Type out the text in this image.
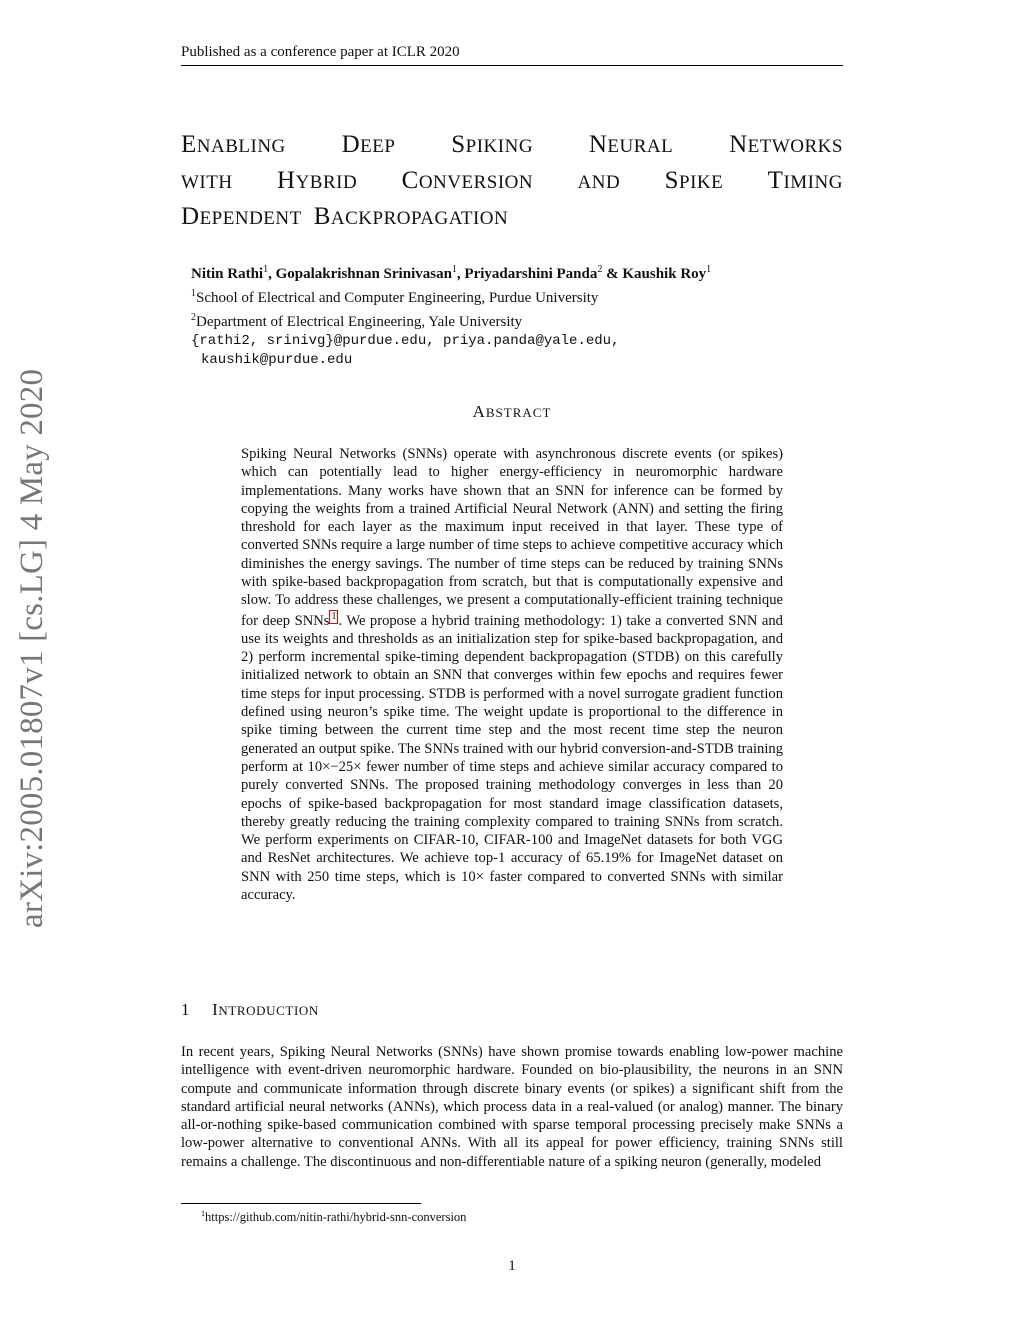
Published as a conference paper at ICLR 2020
ENABLING DEEP SPIKING NEURAL NETWORKS
WITH HYBRID CONVERSION AND SPIKE TIMING
DEPENDENT BACKPROPAGATION
Nitin Rathi$^1$, Gopalakrishnan Srinivasan$^1$, Priyadarshini Panda$^2$ & Kaushik Roy$^1$
$^1$School of Electrical and Computer Engineering, Purdue University
$^2$Department of Electrical Engineering, Yale University
{rathi2, srinivg}@purdue.edu, priya.panda@yale.edu,
kaushik@purdue.edu
arXiv:2005.01807v1 [cs.LG] 4 May 2020	ABSTRACT
Spiking Neural Networks (SNNs) operate with asynchronous discrete events (or spikes) which can potentially lead to higher energy-efficiency in neuromorphic hardware implementations. Many works have shown that an SNN for inference can be formed by copying the weights from a trained Artificial Neural Network (ANN) and setting the firing threshold for each layer as the maximum input received in that layer. These type of converted SNNs require a large number of time steps to achieve competitive accuracy which diminishes the energy savings. The number of time steps can be reduced by training SNNs with spike-based backpropagation from scratch, but that is computationally expensive and slow. To address these challenges, we present a computationally-efficient training technique for deep SNNs 1 . We propose a hybrid training methodology: 1) take a converted SNN and use its weights and thresholds as an initialization step for spike-based backpropagation, and 2) perform incremental spike-timing dependent backpropagation (STDB) on this carefully initialized network to obtain an SNN that converges within few epochs and requires fewer time steps for input processing. STDB is performed with a novel surrogate gradient function defined using neuron’s spike time. The weight update is proportional to the difference in spike timing between the current time step and the most recent time step the neuron generated an output spike. The SNNs trained with our hybrid conversion-and-STDB training perform at 10×−25× fewer number of time steps and achieve similar accuracy compared to purely converted SNNs. The proposed training methodology converges in less than 20 epochs of spike-based backpropagation for most standard image classification datasets, thereby greatly reducing the training complexity compared to training SNNs from scratch. We perform experiments on CIFAR-10, CIFAR-100 and ImageNet datasets for both VGG and ResNet architectures. We achieve top-1 accuracy of 65.19% for ImageNet dataset on SNN with 250 time steps, which is 10× faster compared to converted SNNs with similar accuracy.
1 INTRODUCTION
In recent years, Spiking Neural Networks (SNNs) have shown promise towards enabling low-power machine intelligence with event-driven neuromorphic hardware. Founded on bio-plausibility, the neurons in an SNN compute and communicate information through discrete binary events (or spikes) a significant shift from the standard artificial neural networks (ANNs), which process data in a real-valued (or analog) manner. The binary all-or-nothing spike-based communication combined with sparse temporal processing precisely make SNNs a low-power alternative to conventional ANNs. With all its appeal for power efficiency, training SNNs still remains a challenge. The discontinuous and non-differentiable nature of a spiking neuron (generally, modeled
$^1$https://github.com/nitin-rathi/hybrid-snn-conversion
1
